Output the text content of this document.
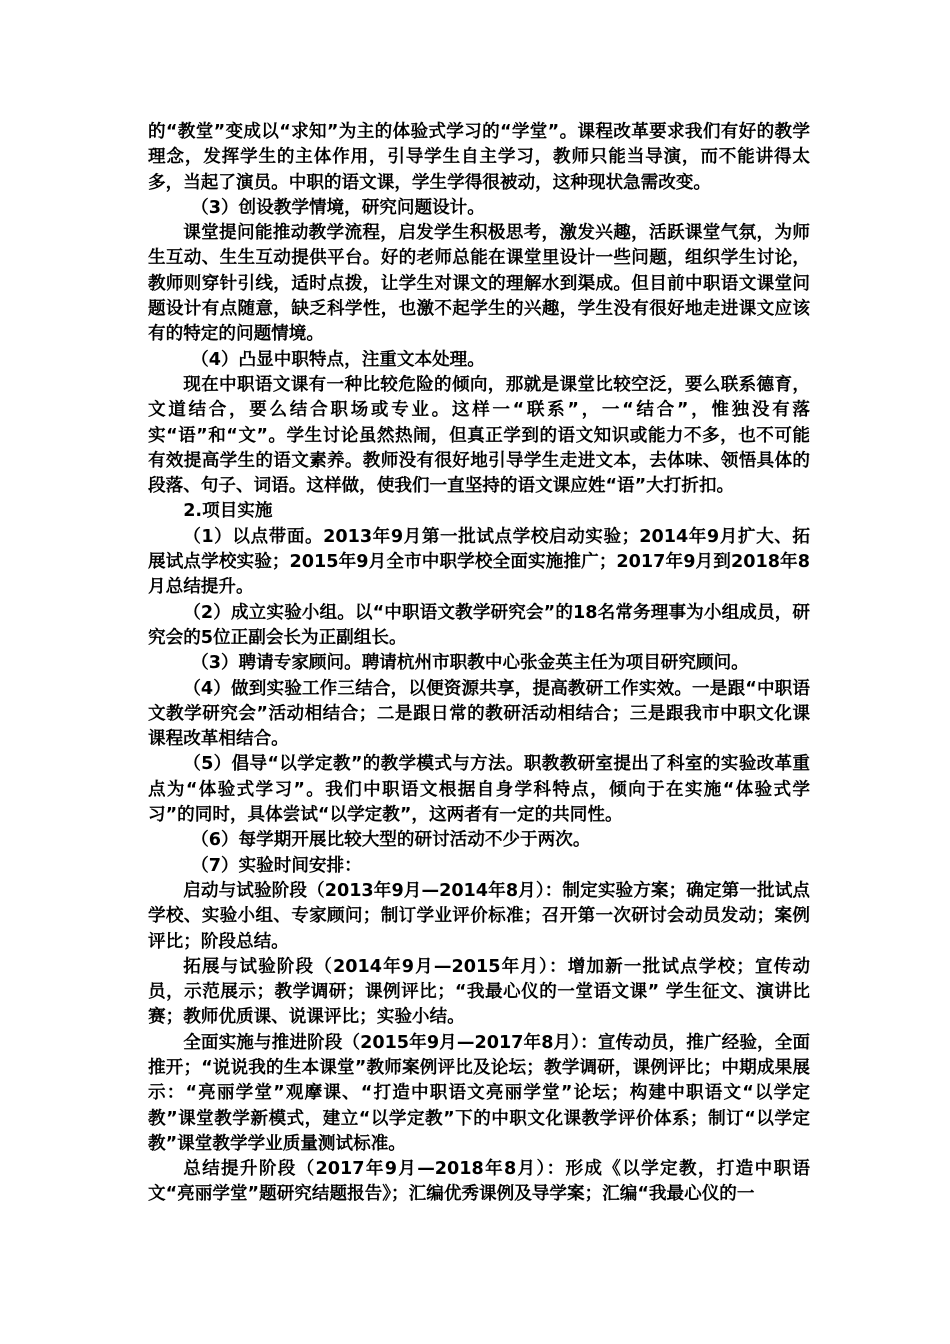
的“教堂”变成以“求知”为主的体验式学习的“学堂”。课程改革要求我们有好的教学理念，发挥学生的主体作用，引导学生自主学习，教师只能当导演，而不能讲得太多，当起了演员。中职的语文课，学生学得很被动，这种现状急需改变。

（3）创设教学情境，研究问题设计。

课堂提问能推动教学流程，启发学生积极思考，激发兴趣，活跃课堂气氛，为师生互动、生生互动提供平台。好的老师总能在课堂里设计一些问题，组织学生讨论，教师则穿针引线，适时点拨，让学生对课文的理解水到渠成。但目前中职语文课堂问题设计有点随意，缺乏科学性，也激不起学生的兴趣，学生没有很好地走进课文应该有的特定的问题情境。

（4）凸显中职特点，注重文本处理。

现在中职语文课有一种比较危险的倾向，那就是课堂比较空泛，要么联系德育，文道结合，要么结合职场或专业。这样一“联系”，一“结合”，惟独没有落实“语”和“文”。学生讨论虽然热闹，但真正学到的语文知识或能力不多，也不可能有效提高学生的语文素养。教师没有很好地引导学生走进文本，去体味、领悟具体的段落、句子、词语。这样做，使我们一直坚持的语文课应姓“语”大打折扣。

2.项目实施

（1）以点带面。2013年9月第一批试点学校启动实验；2014年9月扩大、拓展试点学校实验；2015年9月全市中职学校全面实施推广；2017年9月到2018年8月总结提升。

（2）成立实验小组。以“中职语文教学研究会”的18名常务理事为小组成员，研究会的5位正副会长为正副组长。

（3）聘请专家顾问。聘请杭州市职教中心张金英主任为项目研究顾问。

（4）做到实验工作三结合，以便资源共享，提高教研工作实效。一是跟“中职语文教学研究会”活动相结合；二是跟日常的教研活动相结合；三是跟我市中职文化课课程改革相结合。

（5）倡导“以学定教”的教学模式与方法。职教教研室提出了科室的实验改革重点为“体验式学习”。我们中职语文根据自身学科特点，倾向于在实施“体验式学习”的同时，具体尝试“以学定教”，这两者有一定的共同性。

（6）每学期开展比较大型的研讨活动不少于两次。

（7）实验时间安排：

启动与试验阶段（2013年9月—2014年8月）：制定实验方案；确定第一批试点学校、实验小组、专家顾问；制订学业评价标准；召开第一次研讨会动员发动；案例评比；阶段总结。

拓展与试验阶段（2014年9月—2015年月）：增加新一批试点学校；宣传动员，示范展示；教学调研；课例评比；“我最心仪的一堂语文课” 学生征文、演讲比赛；教师优质课、说课评比；实验小结。

全面实施与推进阶段（2015年9月—2017年8月）：宣传动员，推广经验，全面推开；“说说我的生本课堂”教师案例评比及论坛；教学调研，课例评比；中期成果展示：“亮丽学堂”观摩课、“打造中职语文亮丽学堂”论坛；构建中职语文“以学定教”课堂教学新模式，建立“以学定教”下的中职文化课教学评价体系；制订“以学定教”课堂教学学业质量测试标准。

总结提升阶段（2017年9月—2018年8月）：形成《以学定教，打造中职语文“亮丽学堂”题研究结题报告》；汇编优秀课例及导学案；汇编“我最心仪的一
